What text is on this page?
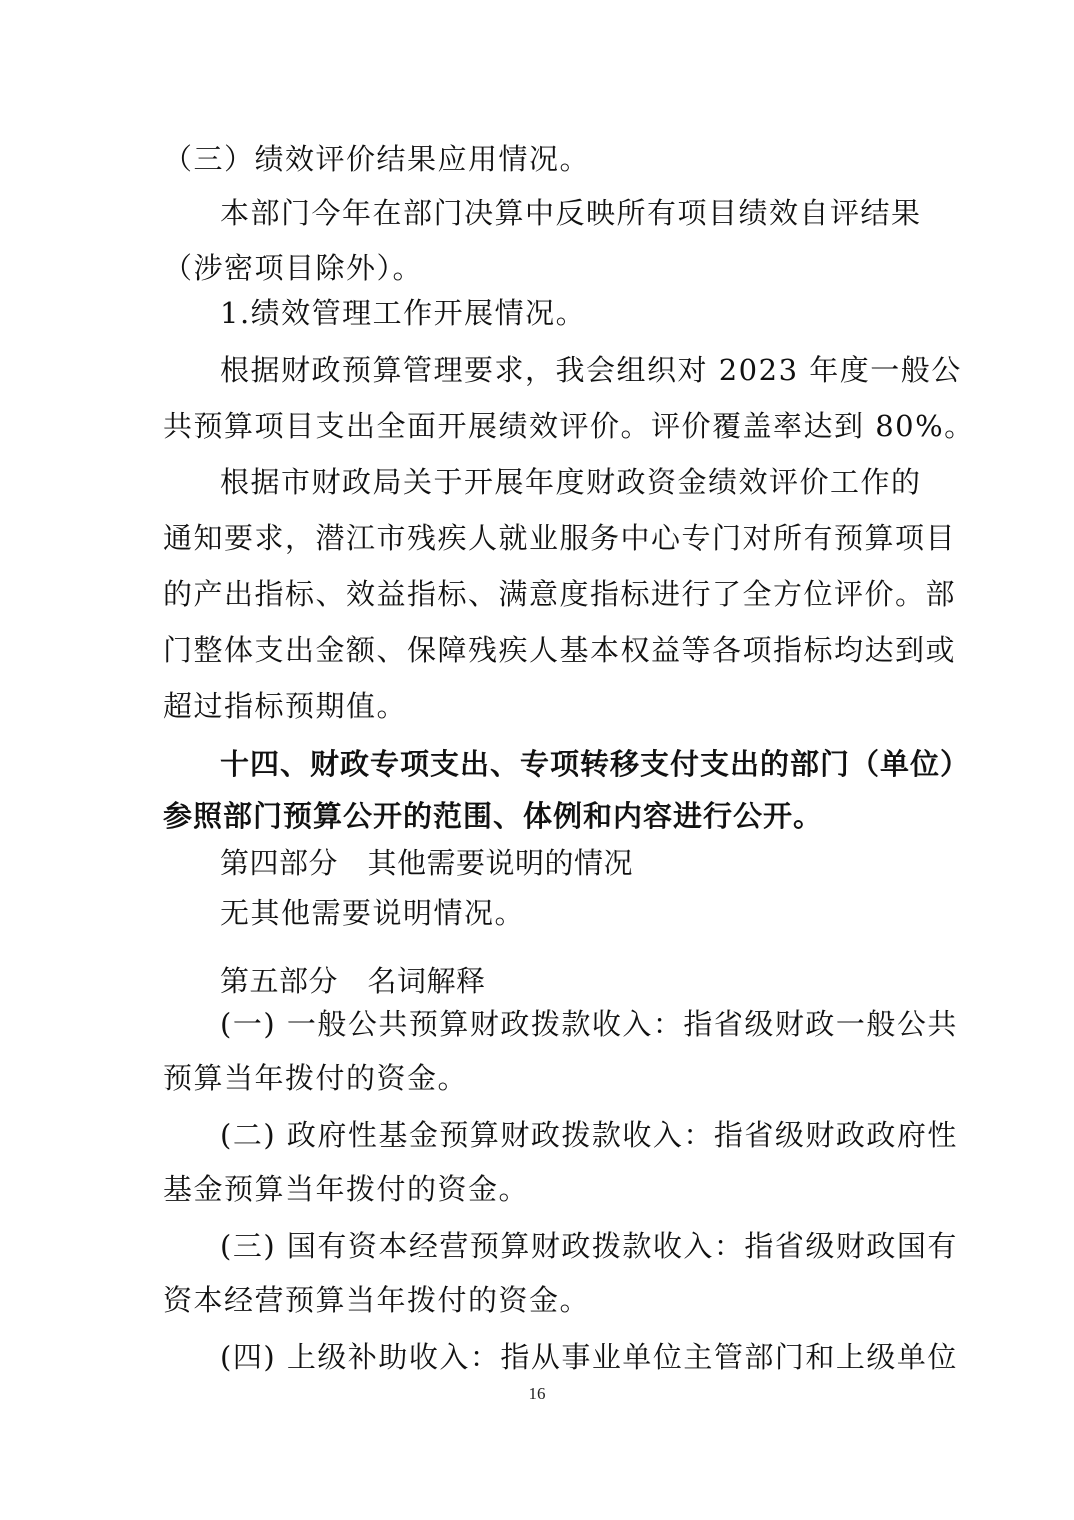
（三）绩效评价结果应用情况。
本部门今年在部门决算中反映所有项目绩效自评结果
（涉密项目除外）。
1.绩效管理工作开展情况。
根据财政预算管理要求，我会组织对 2023 年度一般公
共预算项目支出全面开展绩效评价。评价覆盖率达到 80%。
根据市财政局关于开展年度财政资金绩效评价工作的
通知要求，潜江市残疾人就业服务中心专门对所有预算项目
的产出指标、效益指标、满意度指标进行了全方位评价。部
门整体支出金额、保障残疾人基本权益等各项指标均达到或
超过指标预期值。
十四、财政专项支出、专项转移支付支出的部门（单位）
参照部门预算公开的范围、体例和内容进行公开。
第四部分　其他需要说明的情况
无其他需要说明情况。
第五部分　名词解释
(一) 一般公共预算财政拨款收入：指省级财政一般公共
预算当年拨付的资金。
(二) 政府性基金预算财政拨款收入：指省级财政政府性
基金预算当年拨付的资金。
(三) 国有资本经营预算财政拨款收入：指省级财政国有
资本经营预算当年拨付的资金。
(四) 上级补助收入：指从事业单位主管部门和上级单位
16
